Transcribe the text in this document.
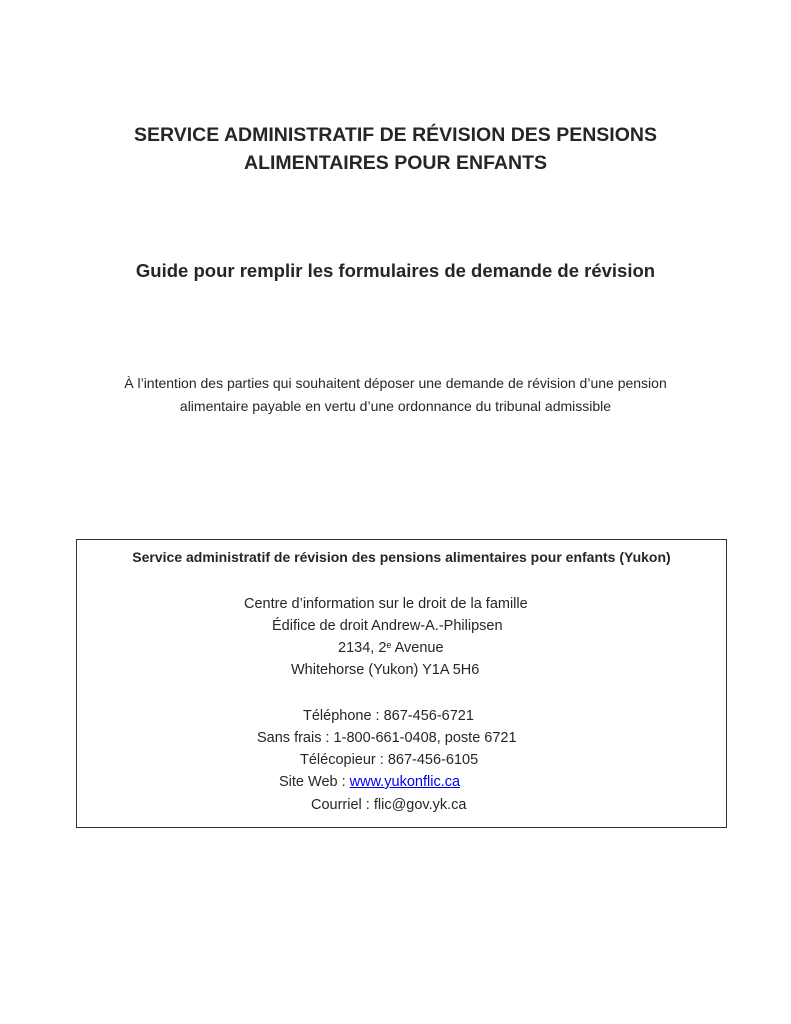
SERVICE ADMINISTRATIF DE RÉVISION DES PENSIONS
ALIMENTAIRES POUR ENFANTS
Guide pour remplir les formulaires de demande de révision
À l’intention des parties qui souhaitent déposer une demande de révision d’une pension
alimentaire payable en vertu d’une ordonnance du tribunal admissible
Service administratif de révision des pensions alimentaires pour enfants (Yukon)
Centre d’information sur le droit de la famille
Édifice de droit Andrew-A.-Philipsen
2134, 2e Avenue
Whitehorse (Yukon) Y1A 5H6
Téléphone : 867-456-6721
Sans frais : 1-800-661-0408, poste 6721
Télécopieur : 867-456-6105
Site Web : www.yukonflic.ca
Courriel : flic@gov.yk.ca
